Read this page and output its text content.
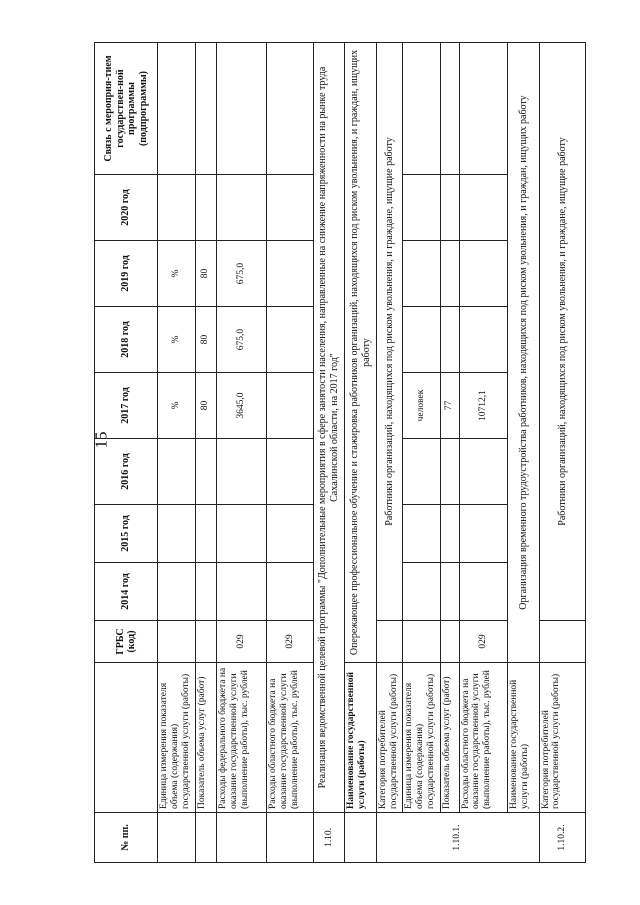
15
№ пп.		ГРБС (код)	2014 год	2015 год	2016 год	2017 год	2018 год	2019 год	2020 год	Связь с мероприя-тием государствен-ной программы (подпрограммы)
	Единица измерения показателя объема (содержания) государственной услуги (работы)					%	%	%		
	Показатель объема услуг (работ)					80	80	80		
	Расходы федерального бюджета на оказание государственной услуги (выполнение работы), тыс. рублей	029				3645,0	675,0	675,0		
	Расходы областного бюджета на оказание государственной услуги (выполнение работы), тыс. рублей	029								
1.10.	Реализация ведомственной целевой программы "Дополнительные мероприятия в сфере занятости населения, направленные на снижение напряженности на рынке труда Сахалинской области, на 2017 год"									
	Наименование государственной услуги (работы)	Опережающее профессиональное обучение и стажировка работников организаций, находящихся под риском увольнения, и граждан, ищущих работу								
1.10.1.	Категория потребителей государственной услуги (работы)		Работники организаций, находящихся под риском увольнения, и граждане, ищущие работу							
	Единица измерения показателя объема (содержания) государственной услуги (работы)					человек				
	Показатель объема услуг (работ)					77				
	Расходы областного бюджета на оказание государственной услуги (выполнение работы), тыс. рублей	029				10712,1				
	Наименование государственной услуги (работы)	Организация временного трудоустройства работников, находящихся под риском увольнения, и граждан, ищущих работу								
1.10.2.	Категория потребителей государственной услуги (работы)		Работники организаций, находящихся под риском увольнения, и граждане, ищущие работу							
